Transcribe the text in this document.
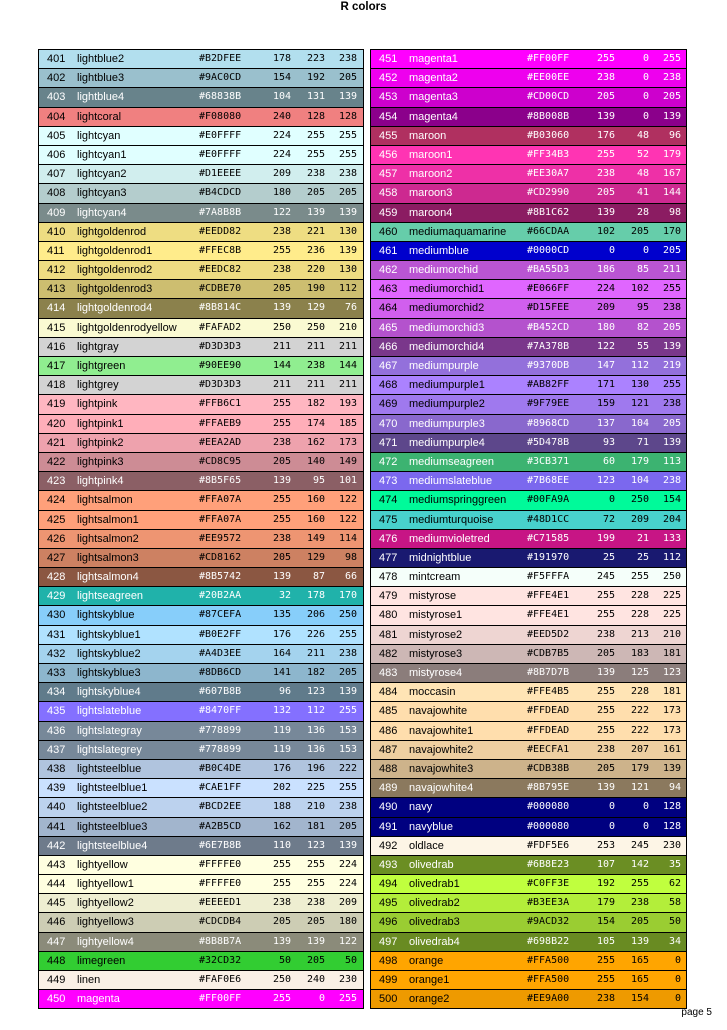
R colors
401 lightblue2	#B2DFEE	178	223	238
402 lightblue3	#9AC0CD	154	192	205
403 lightblue4	#68838B	104	131	139
404 lightcoral	#F08080	240	128	128
405 lightcyan	#E0FFFF	224	255	255
406 lightcyan1	#E0FFFF	224	255	255
407 lightcyan2	#D1EEEE	209	238	238
408 lightcyan3	#B4CDCD	180	205	205
409 lightcyan4	#7A8B8B	122	139	139
410 lightgoldenrod	#EEDD82	238	221	130
411 lightgoldenrod1	#FFEC8B	255	236	139
412 lightgoldenrod2	#EEDC82	238	220	130
413 lightgoldenrod3	#CDBE70	205	190	112
414 lightgoldenrod4	#8B814C	139	129	76
415 lightgoldenrodyellow #FAFAD2	250	250	210
416 lightgray	#D3D3D3	211	211	211
417 lightgreen	#90EE90	144	238	144
418 lightgrey	#D3D3D3	211	211	211
419 lightpink	#FFB6C1	255	182	193
420 lightpink1	#FFAEB9	255	174	185
421 lightpink2	#EEA2AD	238	162	173
422 lightpink3	#CD8C95	205	140	149
423 lightpink4	#8B5F65	139	95	101
424 lightsalmon	#FFA07A	255	160	122
425 lightsalmon1	#FFA07A	255	160	122
426 lightsalmon2	#EE9572	238	149	114
427 lightsalmon3	#CD8162	205	129	98
428 lightsalmon4	#8B5742	139	87	66
429 lightseagreen	#20B2AA	32	178	170
430 lightskyblue	#87CEFA	135	206	250
431 lightskyblue1	#B0E2FF	176	226	255
432 lightskyblue2	#A4D3EE	164	211	238
433 lightskyblue3	#8DB6CD	141	182	205
434 lightskyblue4	#607B8B	96	123	139
435 lightslateblue	#8470FF	132	112	255
436 lightslategray	#778899	119	136	153
437 lightslategrey	#778899	119	136	153
438 lightsteelblue	#B0C4DE	176	196	222
439 lightsteelblue1	#CAE1FF	202	225	255
440 lightsteelblue2	#BCD2EE	188	210	238
441 lightsteelblue3	#A2B5CD	162	181	205
442 lightsteelblue4	#6E7B8B	110	123	139
443 lightyellow	#FFFFE0	255	255	224
444 lightyellow1	#FFFFE0	255	255	224
445 lightyellow2	#EEEED1	238	238	209
446 lightyellow3	#CDCDB4	205	205	180
447 lightyellow4	#8B8B7A	139	139	122
448 limegreen	#32CD32	50	205	50
449 linen	#FAF0E6	250	240	230
450 magenta	#FF00FF	255	0	255
451 magenta1	#FF00FF	255	0	255
452 magenta2	#EE00EE	238	0	238
453 magenta3	#CD00CD	205	0	205
454 magenta4	#8B008B	139	0	139
455 maroon	#B03060	176	48	96
456 maroon1	#FF34B3	255	52	179
457 maroon2	#EE30A7	238	48	167
458 maroon3	#CD2990	205	41	144
459 maroon4	#8B1C62	139	28	98
460 mediumaquamarine #66CDAA	102	205	170
461 mediumblue	#0000CD	0	0	205
462 mediumorchid	#BA55D3	186	85	211
463 mediumorchid1	#E066FF	224	102	255
464 mediumorchid2	#D15FEE	209	95	238
465 mediumorchid3	#B452CD	180	82	205
466 mediumorchid4	#7A378B	122	55	139
467 mediumpurple	#9370DB	147	112	219
468 mediumpurple1	#AB82FF	171	130	255
469 mediumpurple2	#9F79EE	159	121	238
470 mediumpurple3	#8968CD	137	104	205
471 mediumpurple4	#5D478B	93	71	139
472 mediumseagreen	#3CB371	60	179	113
473 mediumslateblue	#7B68EE	123	104	238
474 mediumspringgreen #00FA9A	0	250	154
475 mediumturquoise	#48D1CC	72	209	204
476 mediumvioletred	#C71585	199	21	133
477 midnightblue	#191970	25	25	112
478 mintcream	#F5FFFA	245	255	250
479 mistyrose	#FFE4E1	255	228	225
480 mistyrose1	#FFE4E1	255	228	225
481 mistyrose2	#EED5D2	238	213	210
482 mistyrose3	#CDB7B5	205	183	181
483 mistyrose4	#8B7D7B	139	125	123
484 moccasin	#FFE4B5	255	228	181
485 navajowhite	#FFDEAD	255	222	173
486 navajowhite1	#FFDEAD	255	222	173
487 navajowhite2	#EECFA1	238	207	161
488 navajowhite3	#CDB38B	205	179	139
489 navajowhite4	#8B795E	139	121	94
490 navy	#000080	0	0	128
491 navyblue	#000080	0	0	128
492 oldlace	#FDF5E6	253	245	230
493 olivedrab	#6B8E23	107	142	35
494 olivedrab1	#C0FF3E	192	255	62
495 olivedrab2	#B3EE3A	179	238	58
496 olivedrab3	#9ACD32	154	205	50
497 olivedrab4	#698B22	105	139	34
498 orange	#FFA500	255	165	0
499 orange1	#FFA500	255	165	0
500 orange2	#EE9A00	238	154	0
page 5
